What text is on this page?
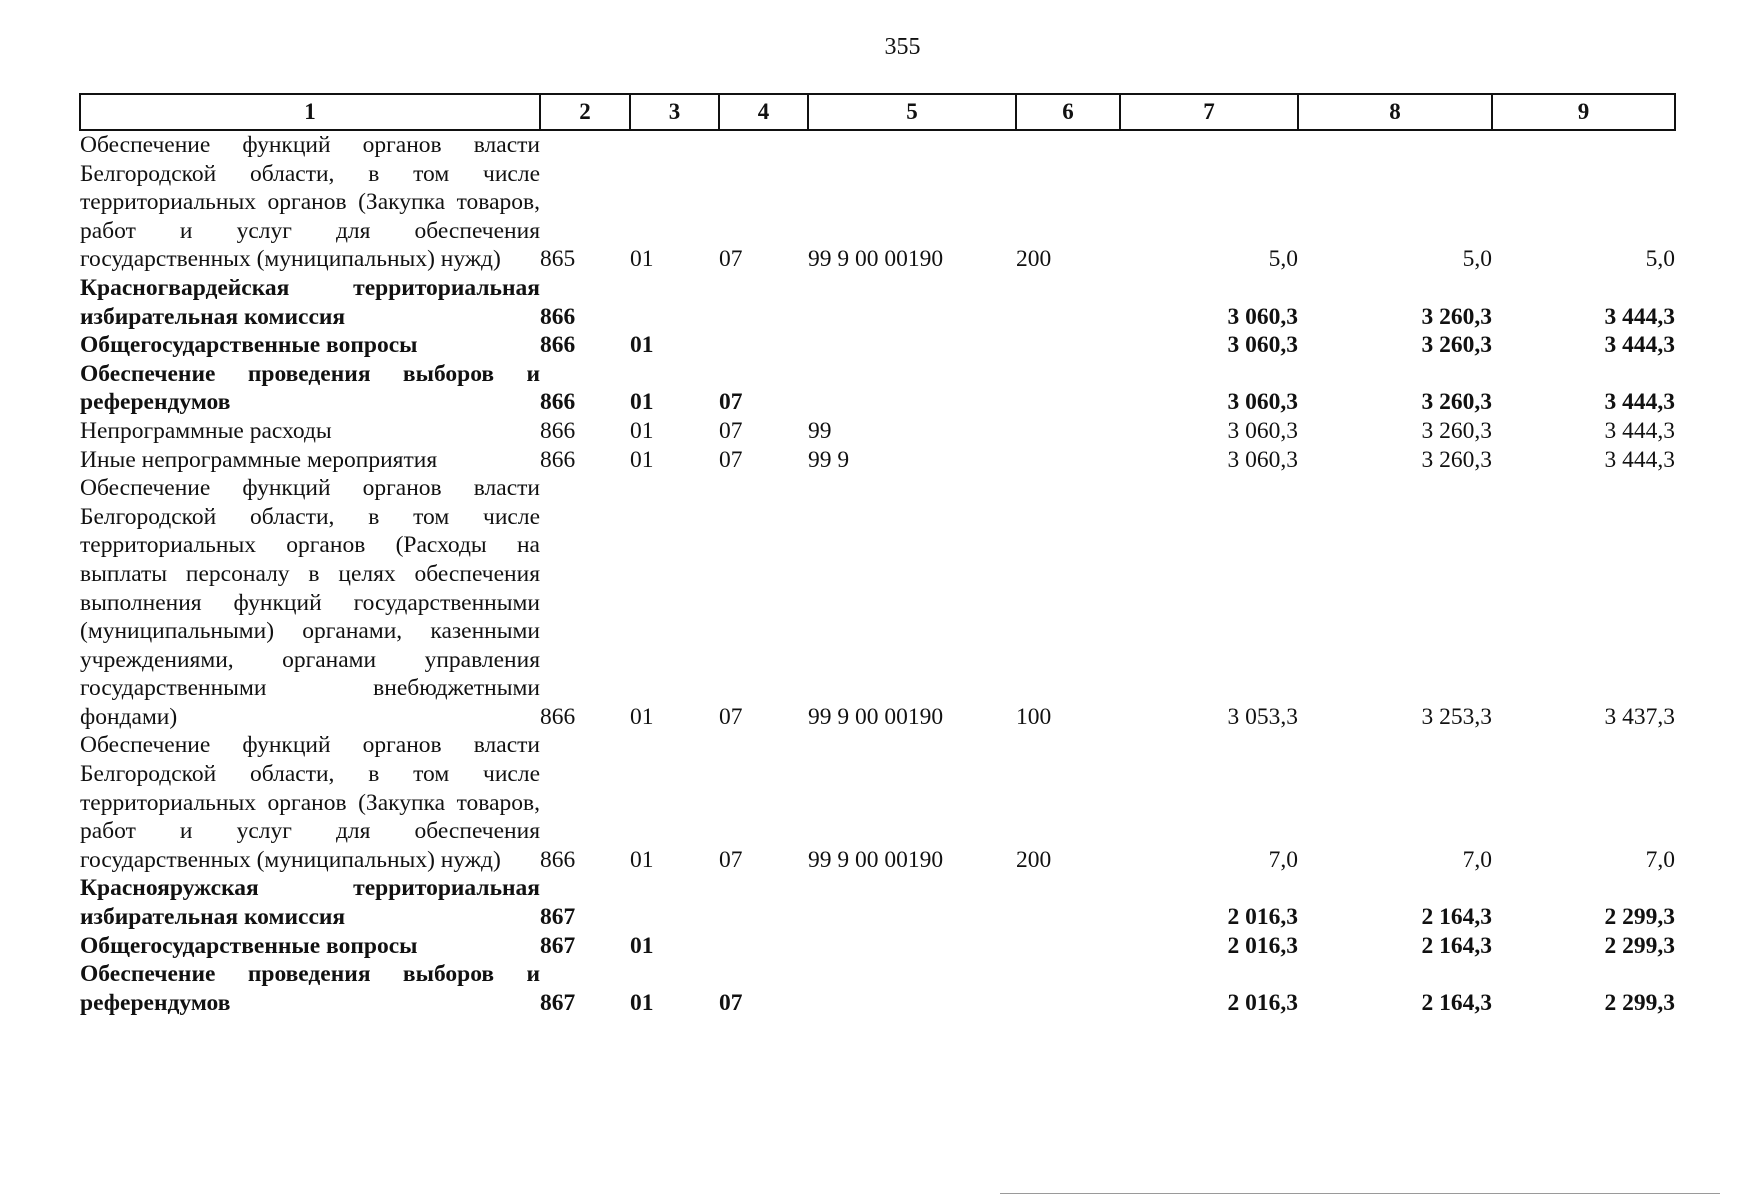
355
1	2	3	4	5	6	7	8	9
Обеспечение функций органов власти Белгородской области, в том числе территориальных органов (Закупка товаров, работ и услуг для обеспечения государственных (муниципальных) нужд)	865	01	07	99 9 00 00190	200	5,0	5,0	5,0
Красногвардейская территориальная избирательная комиссия	866					3 060,3	3 260,3	3 444,3
Общегосударственные вопросы	866	01				3 060,3	3 260,3	3 444,3
Обеспечение проведения выборов и референдумов	866	01	07			3 060,3	3 260,3	3 444,3
Непрограммные расходы	866	01	07	99		3 060,3	3 260,3	3 444,3
Иные непрограммные мероприятия	866	01	07	99 9		3 060,3	3 260,3	3 444,3
Обеспечение функций органов власти Белгородской области, в том числе территориальных органов (Расходы на выплаты персоналу в целях обеспечения выполнения функций государственными (муниципальными) органами, казенными учреждениями, органами управления государственными внебюджетными фондами)	866	01	07	99 9 00 00190	100	3 053,3	3 253,3	3 437,3
Обеспечение функций органов власти Белгородской области, в том числе территориальных органов (Закупка товаров, работ и услуг для обеспечения государственных (муниципальных) нужд)	866	01	07	99 9 00 00190	200	7,0	7,0	7,0
Краснояружская территориальная избирательная комиссия	867					2 016,3	2 164,3	2 299,3
Общегосударственные вопросы	867	01				2 016,3	2 164,3	2 299,3
Обеспечение проведения выборов и референдумов	867	01	07			2 016,3	2 164,3	2 299,3
